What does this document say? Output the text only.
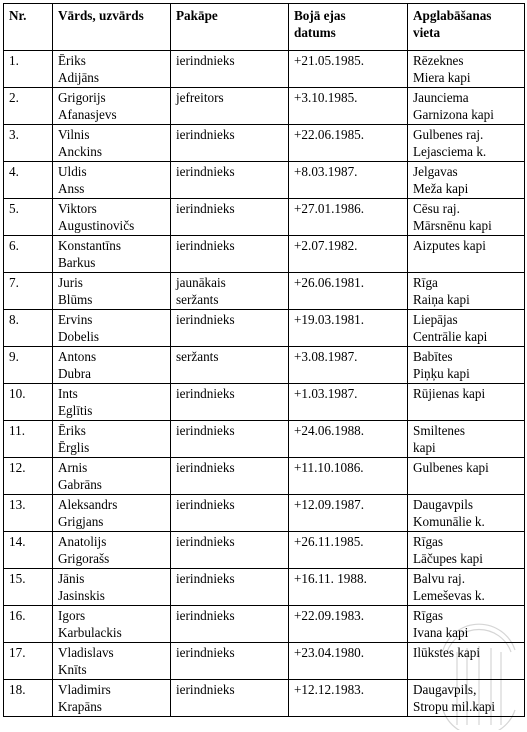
Nr.	Vārds, uzvārds	Pakāpe	Bojā ejas
datums	Apglabāšanas
vieta

1.	Ēriks
Adijāns	ierindnieks	+21.05.1985.	Rēzeknes
Miera kapi

2.	Grigorijs
Afanasjevs	jefreitors	+3.10.1985.	Jaunciema
Garnizona kapi

3.	Vilnis
Anckins	ierindnieks	+22.06.1985.	Gulbenes raj.
Lejasciema k.

4.	Uldis
Anss	ierindnieks	+8.03.1987.	Jelgavas
Meža kapi

5.	Viktors
Augustinovičs	ierindnieks	+27.01.1986.	Cēsu raj.
Mārsnēnu kapi

6.	Konstantīns
Barkus	ierindnieks	+2.07.1982.	Aizputes kapi

7.	Juris
Blūms	jaunākais
seržants	+26.06.1981.	Rīga
Raiņa kapi

8.	Ervins
Dobelis	ierindnieks	+19.03.1981.	Liepājas
Centrālie kapi

9.	Antons
Dubra	seržants	+3.08.1987.	Babītes
Piņķu kapi

10.	Ints
Eglītis	ierindnieks	+1.03.1987.	Rūjienas kapi

11.	Ēriks
Ērglis	ierindnieks	+24.06.1988.	Smiltenes
kapi

12.	Arnis
Gabrāns	ierindnieks	+11.10.1086.	Gulbenes kapi

13.	Aleksandrs
Grigjans	ierindnieks	+12.09.1987.	Daugavpils
Komunālie k.

14.	Anatolijs
Grigorašs	ierindnieks	+26.11.1985.	Rīgas
Lāčupes kapi

15.	Jānis
Jasinskis	ierindnieks	+16.11. 1988.	Balvu raj.
Lemeševas k.

16.	Igors
Karbulackis	ierindnieks	+22.09.1983.	Rīgas
Ivana kapi

17.	Vladislavs
Knīts	ierindnieks	+23.04.1980.	Ilūkstes kapi

18.	Vladimirs
Krapāns	ierindnieks	+12.12.1983.	Daugavpils,
Stropu mil.kapi
